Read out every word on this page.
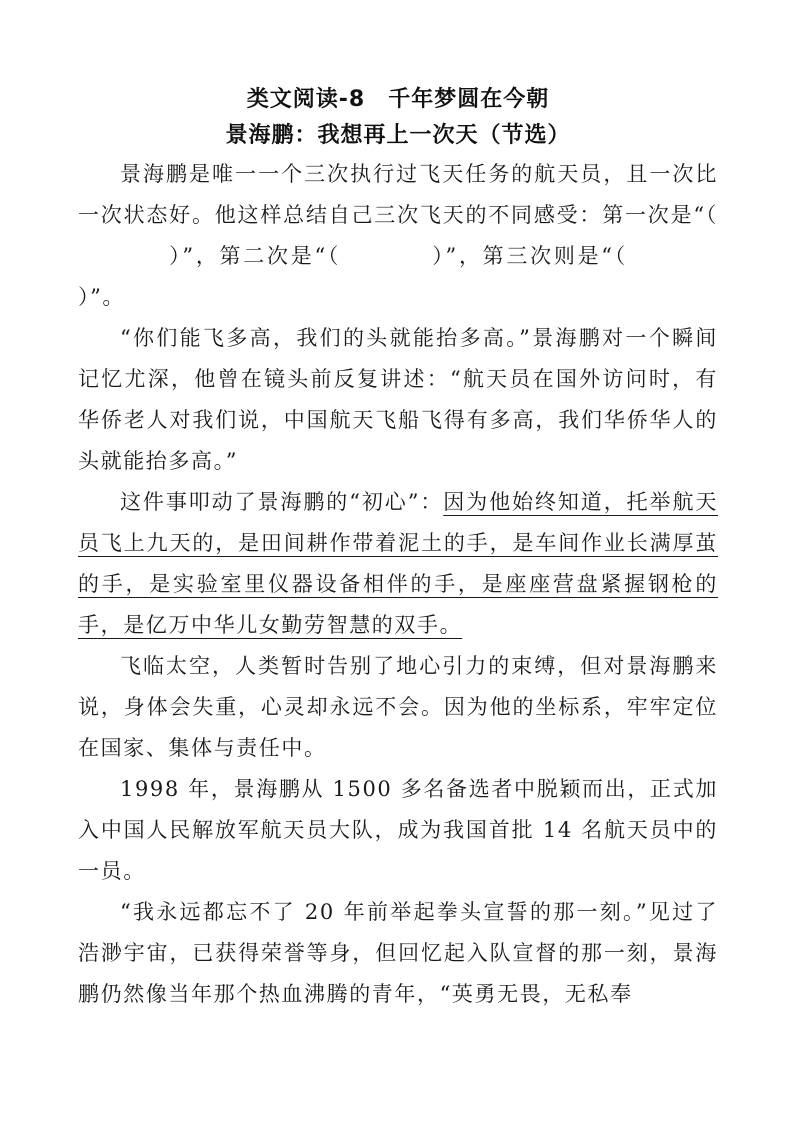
类文阅读-8　千年梦圆在今朝
景海鹏：我想再上一次天（节选）

景海鹏是唯一一个三次执行过飞天任务的航天员，且一次比一次状态好。他这样总结自己三次飞天的不同感受：第一次是“（）”，第二次是“（	）”，第三次则是“（）”。

“你们能飞多高，我们的头就能抬多高。”景海鹏对一个瞬间记忆尤深，他曾在镜头前反复讲述：“航天员在国外访问时，有华侨老人对我们说，中国航天飞船飞得有多高，我们华侨华人的头就能抬多高。”

这件事叩动了景海鹏的“初心”：因为他始终知道，托举航天员飞上九天的，是田间耕作带着泥土的手，是车间作业长满厚茧的手，是实验室里仪器设备相伴的手，是座座营盘紧握钢枪的手，是亿万中华儿女勤劳智慧的双手。

飞临太空，人类暂时告别了地心引力的束缚，但对景海鹏来说，身体会失重，心灵却永远不会。因为他的坐标系，牢牢定位在国家、集体与责任中。

1998 年，景海鹏从 1500 多名备选者中脱颖而出，正式加入中国人民解放军航天员大队，成为我国首批 14 名航天员中的一员。

“我永远都忘不了 20 年前举起拳头宣誓的那一刻。”见过了浩渺宇宙，已获得荣誉等身，但回忆起入队宣督的那一刻，景海鹏仍然像当年那个热血沸腾的青年，“英勇无畏，无私奉
